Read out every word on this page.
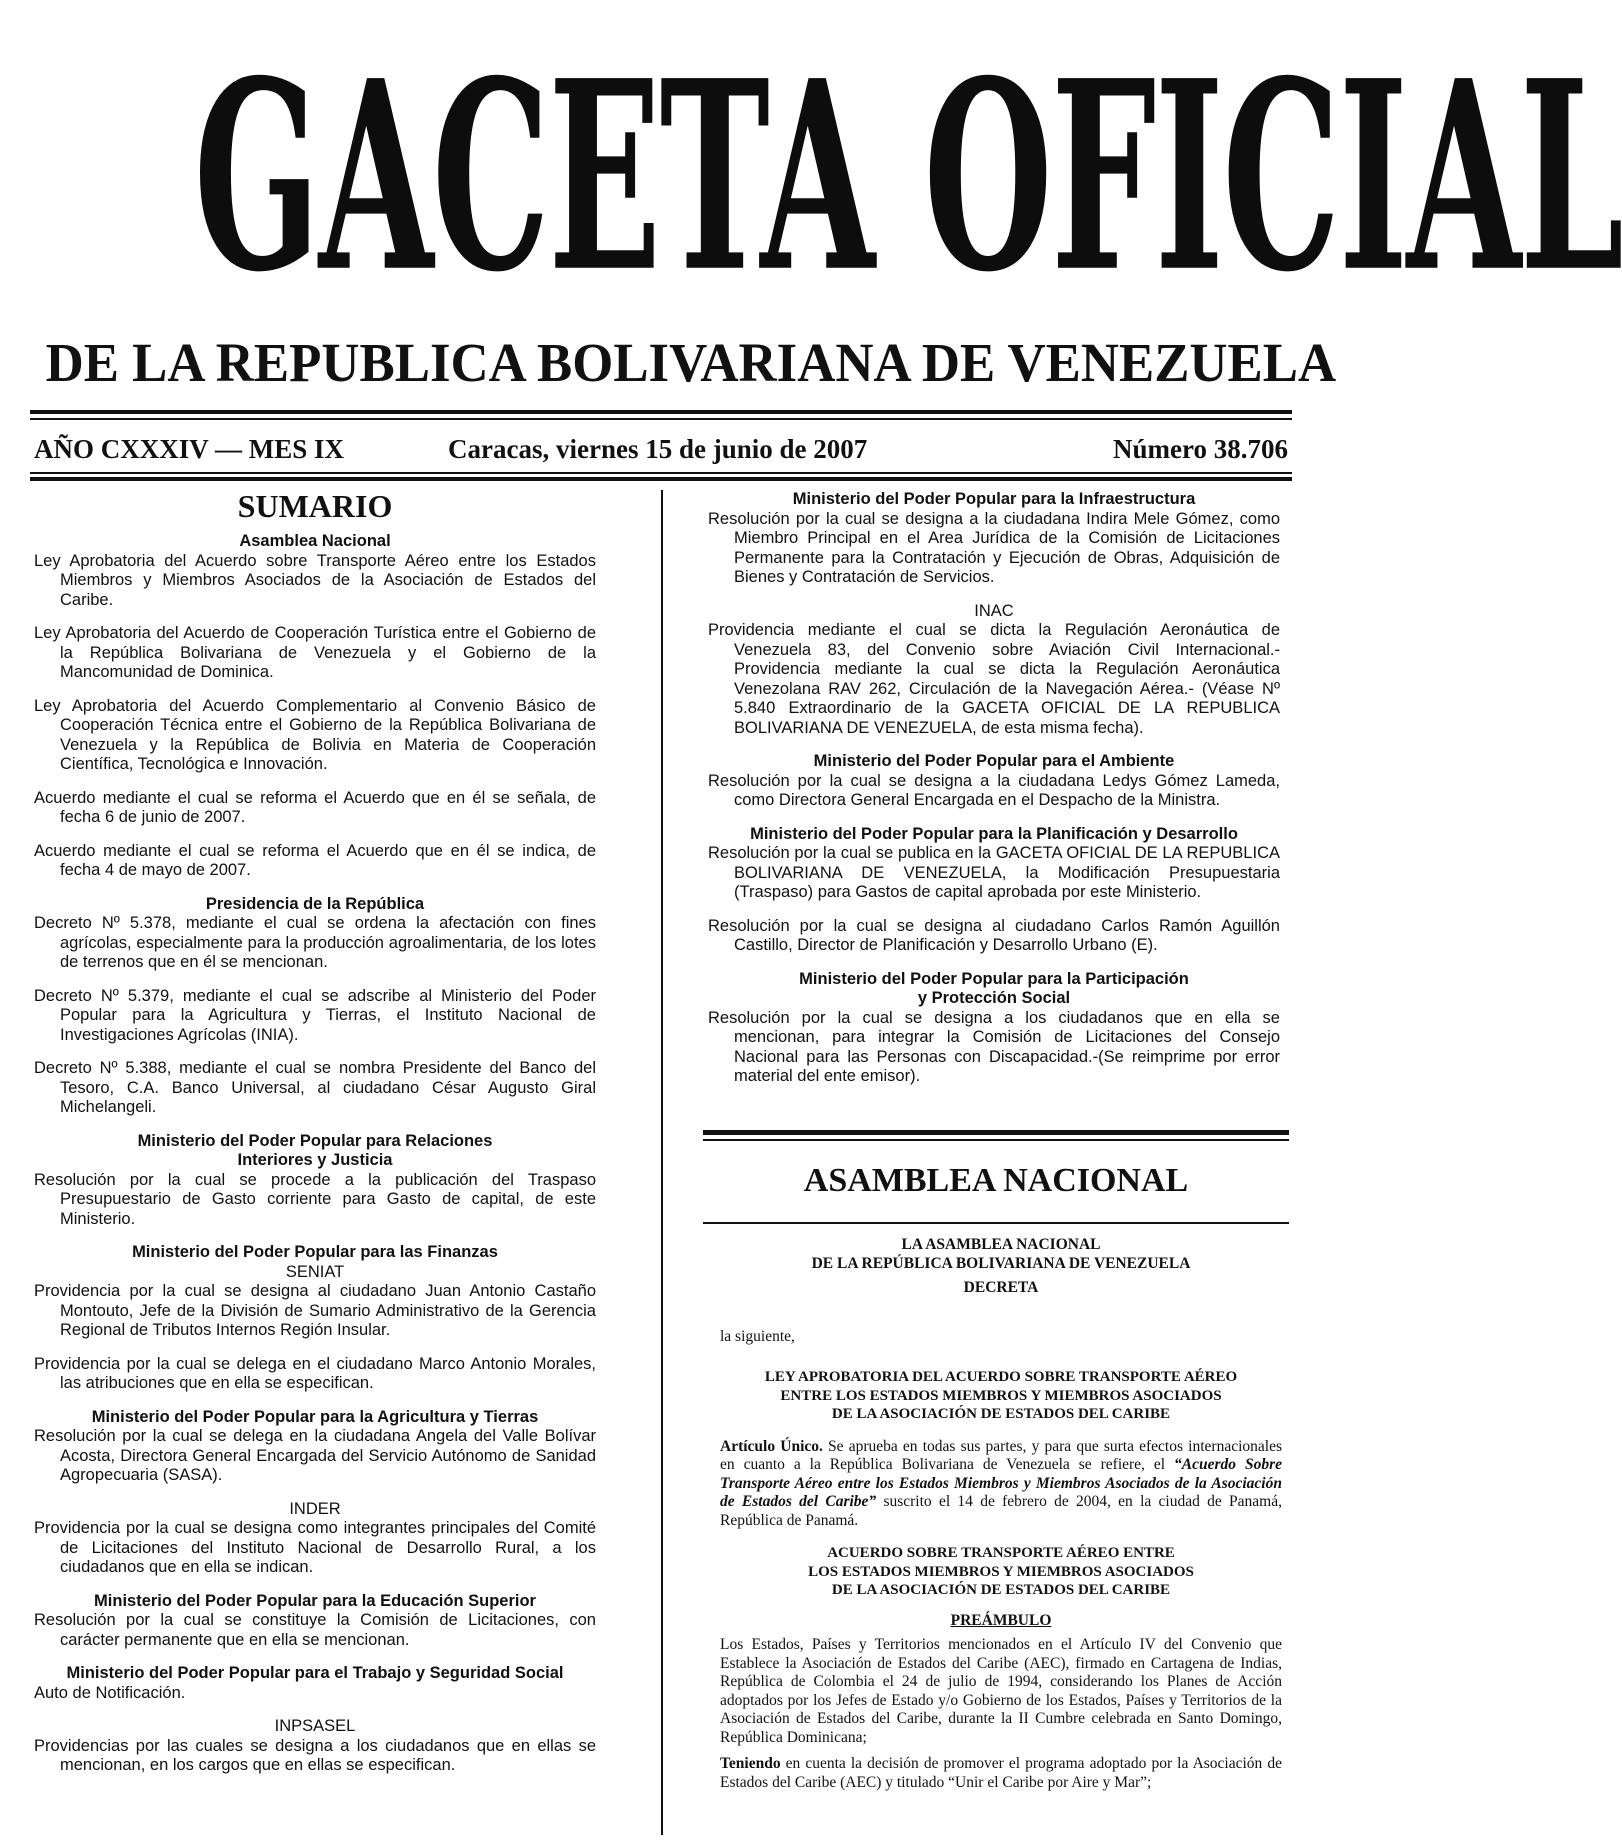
GACETA OFICIAL
DE LA REPUBLICA BOLIVARIANA DE VENEZUELA
AÑO CXXXIV — MES IX	Caracas, viernes 15 de junio de 2007	Número 38.706
SUMARIO

Asamblea Nacional

Ley Aprobatoria del Acuerdo sobre Transporte Aéreo entre los Estados Miembros y Miembros Asociados de la Asociación de Estados del Caribe.

Ley Aprobatoria del Acuerdo de Cooperación Turística entre el Gobierno de la República Bolivariana de Venezuela y el Gobierno de la Mancomunidad de Dominica.

Ley Aprobatoria del Acuerdo Complementario al Convenio Básico de Cooperación Técnica entre el Gobierno de la República Bolivariana de Venezuela y la República de Bolivia en Materia de Cooperación Científica, Tecnológica e Innovación.

Acuerdo mediante el cual se reforma el Acuerdo que en él se señala, de fecha 6 de junio de 2007.

Acuerdo mediante el cual se reforma el Acuerdo que en él se indica, de fecha 4 de mayo de 2007.

Presidencia de la República

Decreto Nº 5.378, mediante el cual se ordena la afectación con fines agrícolas, especialmente para la producción agroalimentaria, de los lotes de terrenos que en él se mencionan.

Decreto Nº 5.379, mediante el cual se adscribe al Ministerio del Poder Popular para la Agricultura y Tierras, el Instituto Nacional de Investigaciones Agrícolas (INIA).

Decreto Nº 5.388, mediante el cual se nombra Presidente del Banco del Tesoro, C.A. Banco Universal, al ciudadano César Augusto Giral Michelangeli.

Ministerio del Poder Popular para Relaciones

Interiores y Justicia

Resolución por la cual se procede a la publicación del Traspaso Presupuestario de Gasto corriente para Gasto de capital, de este Ministerio.

Ministerio del Poder Popular para las Finanzas

SENIAT

Providencia por la cual se designa al ciudadano Juan Antonio Castaño Montouto, Jefe de la División de Sumario Administrativo de la Gerencia Regional de Tributos Internos Región Insular.

Providencia por la cual se delega en el ciudadano Marco Antonio Morales, las atribuciones que en ella se especifican.

Ministerio del Poder Popular para la Agricultura y Tierras

Resolución por la cual se delega en la ciudadana Angela del Valle Bolívar Acosta, Directora General Encargada del Servicio Autónomo de Sanidad Agropecuaria (SASA).

INDER

Providencia por la cual se designa como integrantes principales del Comité de Licitaciones del Instituto Nacional de Desarrollo Rural, a los ciudadanos que en ella se indican.

Ministerio del Poder Popular para la Educación Superior

Resolución por la cual se constituye la Comisión de Licitaciones, con carácter permanente que en ella se mencionan.

Ministerio del Poder Popular para el Trabajo y Seguridad Social

Auto de Notificación.

INPSASEL

Providencias por las cuales se designa a los ciudadanos que en ellas se mencionan, en los cargos que en ellas se especifican.

Ministerio del Poder Popular para la Infraestructura

Resolución por la cual se designa a la ciudadana Indira Mele Gómez, como Miembro Principal en el Area Jurídica de la Comisión de Licitaciones Permanente para la Contratación y Ejecución de Obras, Adquisición de Bienes y Contratación de Servicios.

INAC

Providencia mediante el cual se dicta la Regulación Aeronáutica de Venezuela 83, del Convenio sobre Aviación Civil Internacional.- Providencia mediante la cual se dicta la Regulación Aeronáutica Venezolana RAV 262, Circulación de la Navegación Aérea.- (Véase Nº 5.840 Extraordinario de la GACETA OFICIAL DE LA REPUBLICA BOLIVARIANA DE VENEZUELA, de esta misma fecha).

Ministerio del Poder Popular para el Ambiente

Resolución por la cual se designa a la ciudadana Ledys Gómez Lameda, como Directora General Encargada en el Despacho de la Ministra.

Ministerio del Poder Popular para la Planificación y Desarrollo

Resolución por la cual se publica en la GACETA OFICIAL DE LA REPUBLICA BOLIVARIANA DE VENEZUELA, la Modificación Presupuestaria (Traspaso) para Gastos de capital aprobada por este Ministerio.

Resolución por la cual se designa al ciudadano Carlos Ramón Aguillón Castillo, Director de Planificación y Desarrollo Urbano (E).

Ministerio del Poder Popular para la Participación

y Protección Social

Resolución por la cual se designa a los ciudadanos que en ella se mencionan, para integrar la Comisión de Licitaciones del Consejo Nacional para las Personas con Discapacidad.-(Se reimprime por error material del ente emisor).

ASAMBLEA NACIONAL

LA ASAMBLEA NACIONAL

DE LA REPÚBLICA BOLIVARIANA DE VENEZUELA

DECRETA

la siguiente,

LEY APROBATORIA DEL ACUERDO SOBRE TRANSPORTE AÉREO

ENTRE LOS ESTADOS MIEMBROS Y MIEMBROS ASOCIADOS

DE LA ASOCIACIÓN DE ESTADOS DEL CARIBE

Artículo Único. Se aprueba en todas sus partes, y para que surta efectos internacionales en cuanto a la República Bolivariana de Venezuela se refiere, el “Acuerdo Sobre Transporte Aéreo entre los Estados Miembros y Miembros Asociados de la Asociación de Estados del Caribe” suscrito el 14 de febrero de 2004, en la ciudad de Panamá, República de Panamá.

ACUERDO SOBRE TRANSPORTE AÉREO ENTRE

LOS ESTADOS MIEMBROS Y MIEMBROS ASOCIADOS

DE LA ASOCIACIÓN DE ESTADOS DEL CARIBE

PREÁMBULO

Los Estados, Países y Territorios mencionados en el Artículo IV del Convenio que Establece la Asociación de Estados del Caribe (AEC), firmado en Cartagena de Indias, República de Colombia el 24 de julio de 1994, considerando los Planes de Acción adoptados por los Jefes de Estado y/o Gobierno de los Estados, Países y Territorios de la Asociación de Estados del Caribe, durante la II Cumbre celebrada en Santo Domingo, República Dominicana;

Teniendo en cuenta la decisión de promover el programa adoptado por la Asociación de Estados del Caribe (AEC) y titulado “Unir el Caribe por Aire y Mar”;
